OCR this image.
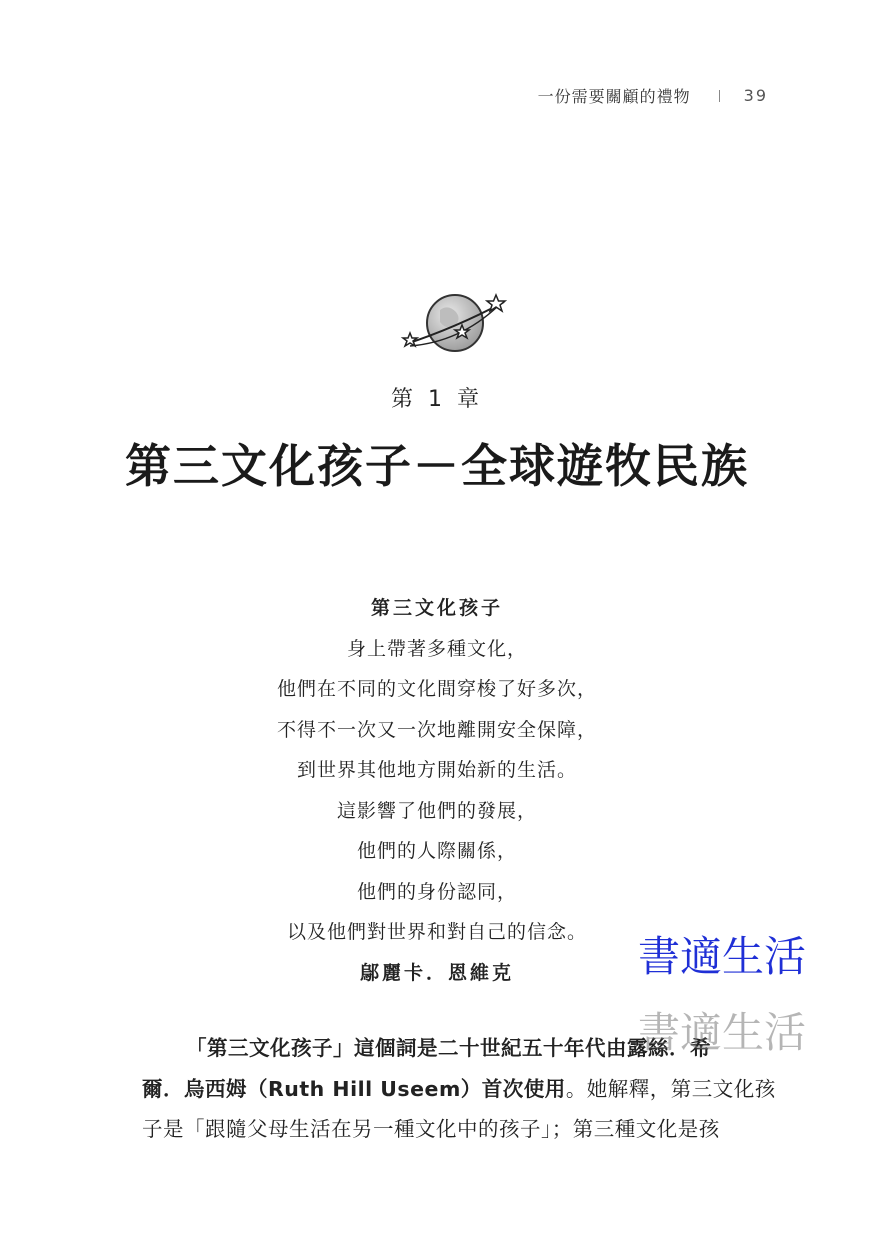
一份需要關顧的禮物	39
第 1 章
第三文化孩子－全球遊牧民族
第三文化孩子
身上帶著多種文化，
他們在不同的文化間穿梭了好多次，
不得不一次又一次地離開安全保障，
到世界其他地方開始新的生活。
這影響了他們的發展，
他們的人際關係，
他們的身份認同，
以及他們對世界和對自己的信念。
鄔麗卡．恩維克
「第三文化孩子」這個詞是二十世紀五十年代由露絲．希
爾．烏西姆（Ruth Hill Useem）首次使用。她解釋，第三文化孩
子是「跟隨父母生活在另一種文化中的孩子」；第三種文化是孩
書適生活
書適生活
